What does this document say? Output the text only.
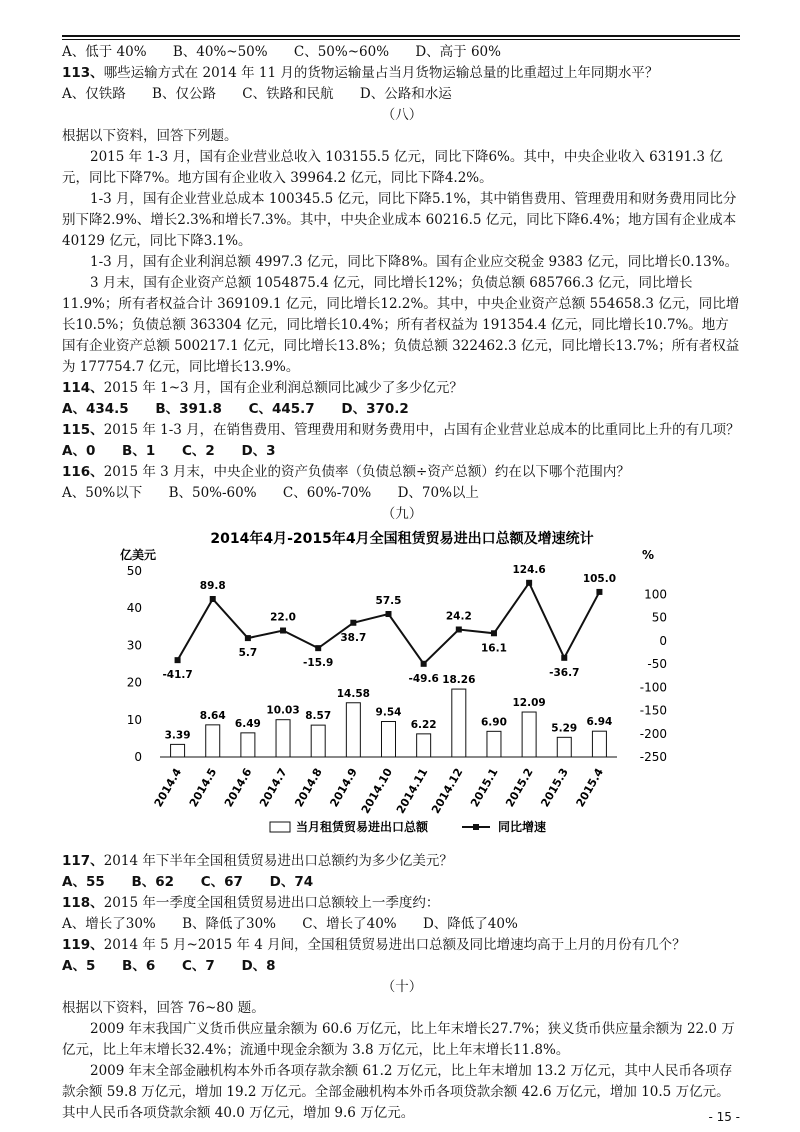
A、低于 40% B、40%~50% C、50%~60% D、高于 60%

113、哪些运输方式在 2014 年 11 月的货物运输量占当月货物运输总量的比重超过上年同期水平？

A、仅铁路 B、仅公路 C、铁路和民航 D、公路和水运

（八）

根据以下资料，回答下列题。

2015 年 1-3 月，国有企业营业总收入 103155.5 亿元，同比下降6%。其中，中央企业收入 63191.3 亿元，同比下降7%。地方国有企业收入 39964.2 亿元，同比下降4.2%。

1-3 月，国有企业营业总成本 100345.5 亿元，同比下降5.1%，其中销售费用、管理费用和财务费用同比分别下降2.9%、增长2.3%和增长7.3%。其中，中央企业成本 60216.5 亿元，同比下降6.4%；地方国有企业成本 40129 亿元，同比下降3.1%。

1-3 月，国有企业利润总额 4997.3 亿元，同比下降8%。国有企业应交税金 9383 亿元，同比增长0.13%。

3 月末，国有企业资产总额 1054875.4 亿元，同比增长12%；负债总额 685766.3 亿元，同比增长11.9%；所有者权益合计 369109.1 亿元，同比增长12.2%。其中，中央企业资产总额 554658.3 亿元，同比增长10.5%；负债总额 363304 亿元，同比增长10.4%；所有者权益为 191354.4 亿元，同比增长10.7%。地方国有企业资产总额 500217.1 亿元，同比增长13.8%；负债总额 322462.3 亿元，同比增长13.7%；所有者权益为 177754.7 亿元，同比增长13.9%。

114、2015 年 1~3 月，国有企业利润总额同比减少了多少亿元？

A、434.5 B、391.8 C、445.7 D、370.2

115、2015 年 1-3 月，在销售费用、管理费用和财务费用中，占国有企业营业总成本的比重同比上升的有几项？

A、0 B、1 C、2 D、3

116、2015 年 3 月末，中央企业的资产负债率（负债总额÷资产总额）约在以下哪个范围内？

A、50%以下 B、50%-60% C、60%-70% D、70%以上

（九）

2014年4月-2015年4月全国租赁贸易进出口总额及增速统计
亿美元	%
0
10
20
30
40
50
100
50
0
-50
-100
-150
-200
-250
2014.4 2014.5 2014.6 2014.7 2014.8 2014.9
2014.10
2014.11
2014.12 2015.1 2015.2 2015.3 2015.4
3.39
8.64
6.49
10.03 8.57
14.58
9.54
6.22
18.26
6.90
12.09
5.29
6.94
-41.7
89.8
5.7
22.0
-15.9
38.7
57.5
-49.6
24.2
16.1
124.6
-36.7
105.0
当月租赁贸易进出口总额	同比增速

117、2014 年下半年全国租赁贸易进出口总额约为多少亿美元？

A、55 B、62 C、67 D、74

118、2015 年一季度全国租赁贸易进出口总额较上一季度约：

A、增长了30% B、降低了30% C、增长了40% D、降低了40%

119、2014 年 5 月~2015 年 4 月间，全国租赁贸易进出口总额及同比增速均高于上月的月份有几个？

A、5 B、6 C、7 D、8

（十）

根据以下资料，回答 76~80 题。

2009 年末我国广义货币供应量余额为 60.6 万亿元，比上年末增长27.7%；狭义货币供应量余额为 22.0 万亿元，比上年末增长32.4%；流通中现金余额为 3.8 万亿元，比上年末增长11.8%。

2009 年末全部金融机构本外币各项存款余额 61.2 万亿元，比上年末增加 13.2 万亿元，其中人民币各项存款余额 59.8 万亿元，增加 19.2 万亿元。全部金融机构本外币各项贷款余额 42.6 万亿元，增加 10.5 万亿元。其中人民币各项贷款余额 40.0 万亿元，增加 9.6 万亿元。	- 15 -
